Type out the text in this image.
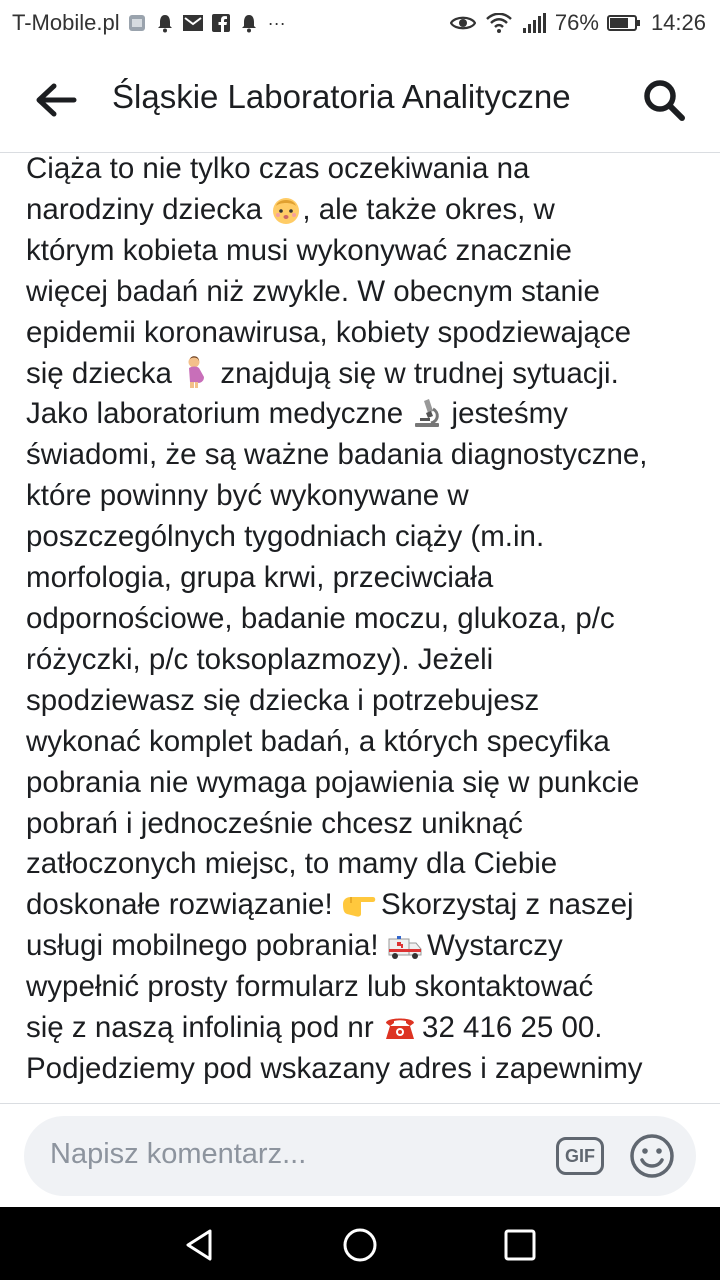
T-Mobile.pl	···	76% 14:26
Śląskie Laboratoria Analityczne
Ciąża to nie tylko czas oczekiwania na
narodziny dziecka , ale także okres, w
którym kobieta musi wykonywać znacznie
więcej badań niż zwykle. W obecnym stanie
epidemii koronawirusa, kobiety spodziewające
się dziecka  znajdują się w trudnej sytuacji.
Jako laboratorium medyczne  jesteśmy
świadomi, że są ważne badania diagnostyczne,
które powinny być wykonywane w
poszczególnych tygodniach ciąży (m.in.
morfologia, grupa krwi, przeciwciała
odpornościowe, badanie moczu, glukoza, p/c
różyczki, p/c toksoplazmozy). Jeżeli
spodziewasz się dziecka i potrzebujesz
wykonać komplet badań, a których specyfika
pobrania nie wymaga pojawienia się w punkcie
pobrań i jednocześnie chcesz uniknąć
zatłoczonych miejsc, to mamy dla Ciebie
doskonałe rozwiązanie!  Skorzystaj z naszej
usługi mobilnego pobrania!  Wystarczy
wypełnić prosty formularz lub skontaktować
się z naszą infolinią pod nr  32 416 25 00.
Podjedziemy pod wskazany adres i zapewnimy
Napisz komentarz...	GIF
